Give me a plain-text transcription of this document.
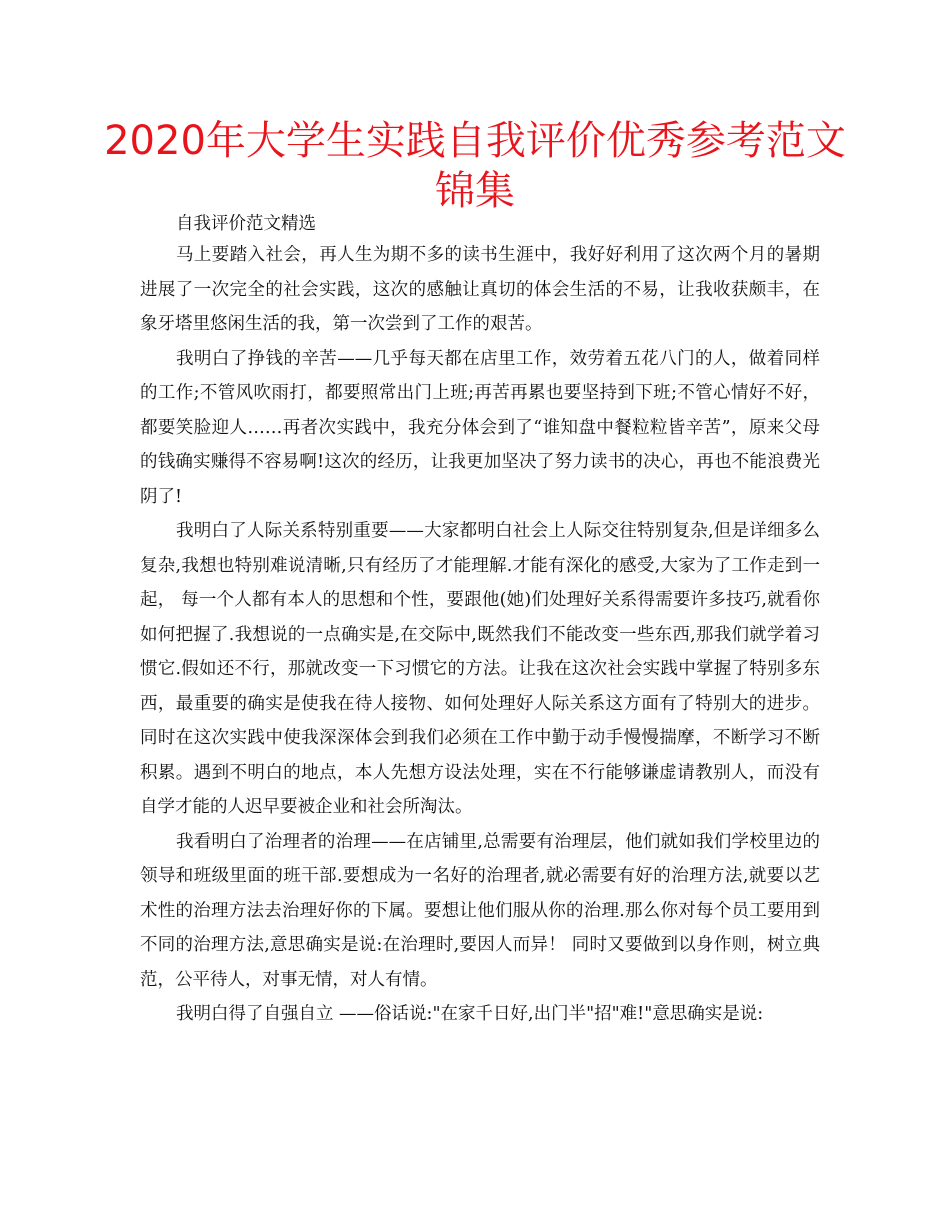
2020年大学生实践自我评价优秀参考范文锦集

自我评价范文精选

马上要踏入社会，再人生为期不多的读书生涯中，我好好利用了这次两个月的暑期进展了一次完全的社会实践，这次的感触让真切的体会生活的不易，让我收获颇丰，在象牙塔里悠闲生活的我，第一次尝到了工作的艰苦。

我明白了挣钱的辛苦——几乎每天都在店里工作，效劳着五花八门的人，做着同样的工作;不管风吹雨打，都要照常出门上班;再苦再累也要坚持到下班;不管心情好不好，都要笑脸迎人……再者次实践中，我充分体会到了“谁知盘中餐粒粒皆辛苦”，原来父母的钱确实赚得不容易啊!这次的经历，让我更加坚决了努力读书的决心，再也不能浪费光阴了!

我明白了人际关系特别重要——大家都明白社会上人际交往特别复杂,但是详细多么复杂,我想也特别难说清晰,只有经历了才能理解.才能有深化的感受,大家为了工作走到一起， 每一个人都有本人的思想和个性，要跟他(她)们处理好关系得需要许多技巧,就看你如何把握了.我想说的一点确实是,在交际中,既然我们不能改变一些东西,那我们就学着习惯它.假如还不行，那就改变一下习惯它的方法。让我在这次社会实践中掌握了特别多东西，最重要的确实是使我在待人接物、如何处理好人际关系这方面有了特别大的进步。同时在这次实践中使我深深体会到我们必须在工作中勤于动手慢慢揣摩，不断学习不断积累。遇到不明白的地点，本人先想方设法处理，实在不行能够谦虚请教别人，而没有自学才能的人迟早要被企业和社会所淘汰。

我看明白了治理者的治理——在店铺里,总需要有治理层，他们就如我们学校里边的领导和班级里面的班干部.要想成为一名好的治理者,就必需要有好的治理方法,就要以艺术性的治理方法去治理好你的下属。要想让他们服从你的治理.那么你对每个员工要用到不同的治理方法,意思确实是说:在治理时,要因人而异！ 同时又要做到以身作则，树立典范，公平待人，对事无情，对人有情。

我明白得了自强自立 ——俗话说:"在家千日好,出门半"招"难!"意思确实是说:
